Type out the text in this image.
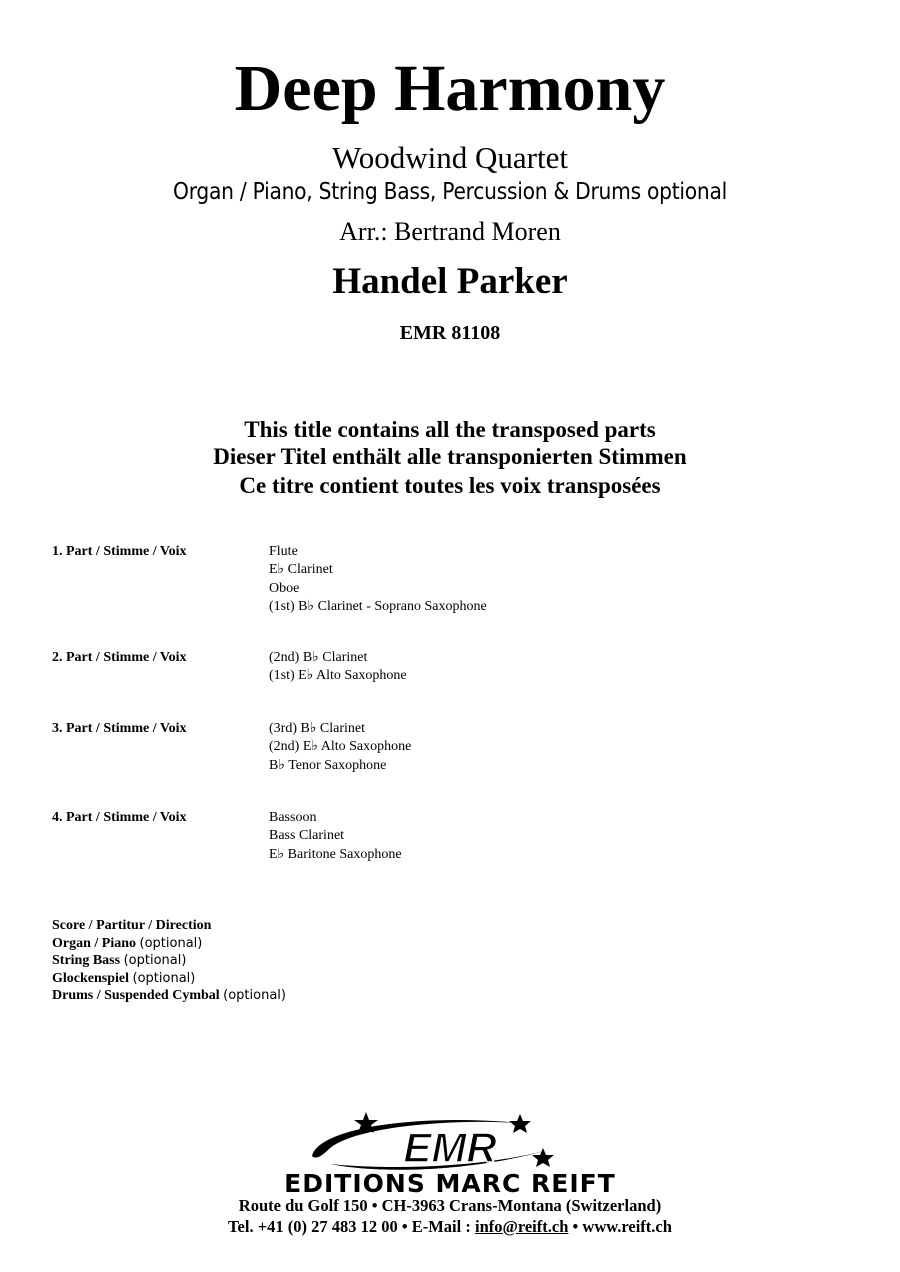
Deep Harmony
Woodwind Quartet
Organ / Piano, String Bass, Percussion & Drums optional
Arr.: Bertrand Moren
Handel Parker
EMR 81108
This title contains all the transposed parts
Dieser Titel enthält alle transponierten Stimmen
Ce titre contient toutes les voix transposées
1. Part / Stimme / Voix	Flute
E♭ Clarinet
Oboe
(1st) B♭ Clarinet - Soprano Saxophone
2. Part / Stimme / Voix	(2nd) B♭ Clarinet
(1st) E♭ Alto Saxophone
3. Part / Stimme / Voix	(3rd) B♭ Clarinet
(2nd) E♭ Alto Saxophone
B♭ Tenor Saxophone
4. Part / Stimme / Voix	Bassoon
Bass Clarinet
E♭ Baritone Saxophone
Score / Partitur / Direction
Organ / Piano (optional)
String Bass (optional)
Glockenspiel (optional)
Drums / Suspended Cymbal (optional)
EMR
EDITIONS MARC REIFT
Route du Golf 150 • CH-3963 Crans-Montana (Switzerland)
Tel. +41 (0) 27 483 12 00 • E-Mail : info@reift.ch • www.reift.ch
